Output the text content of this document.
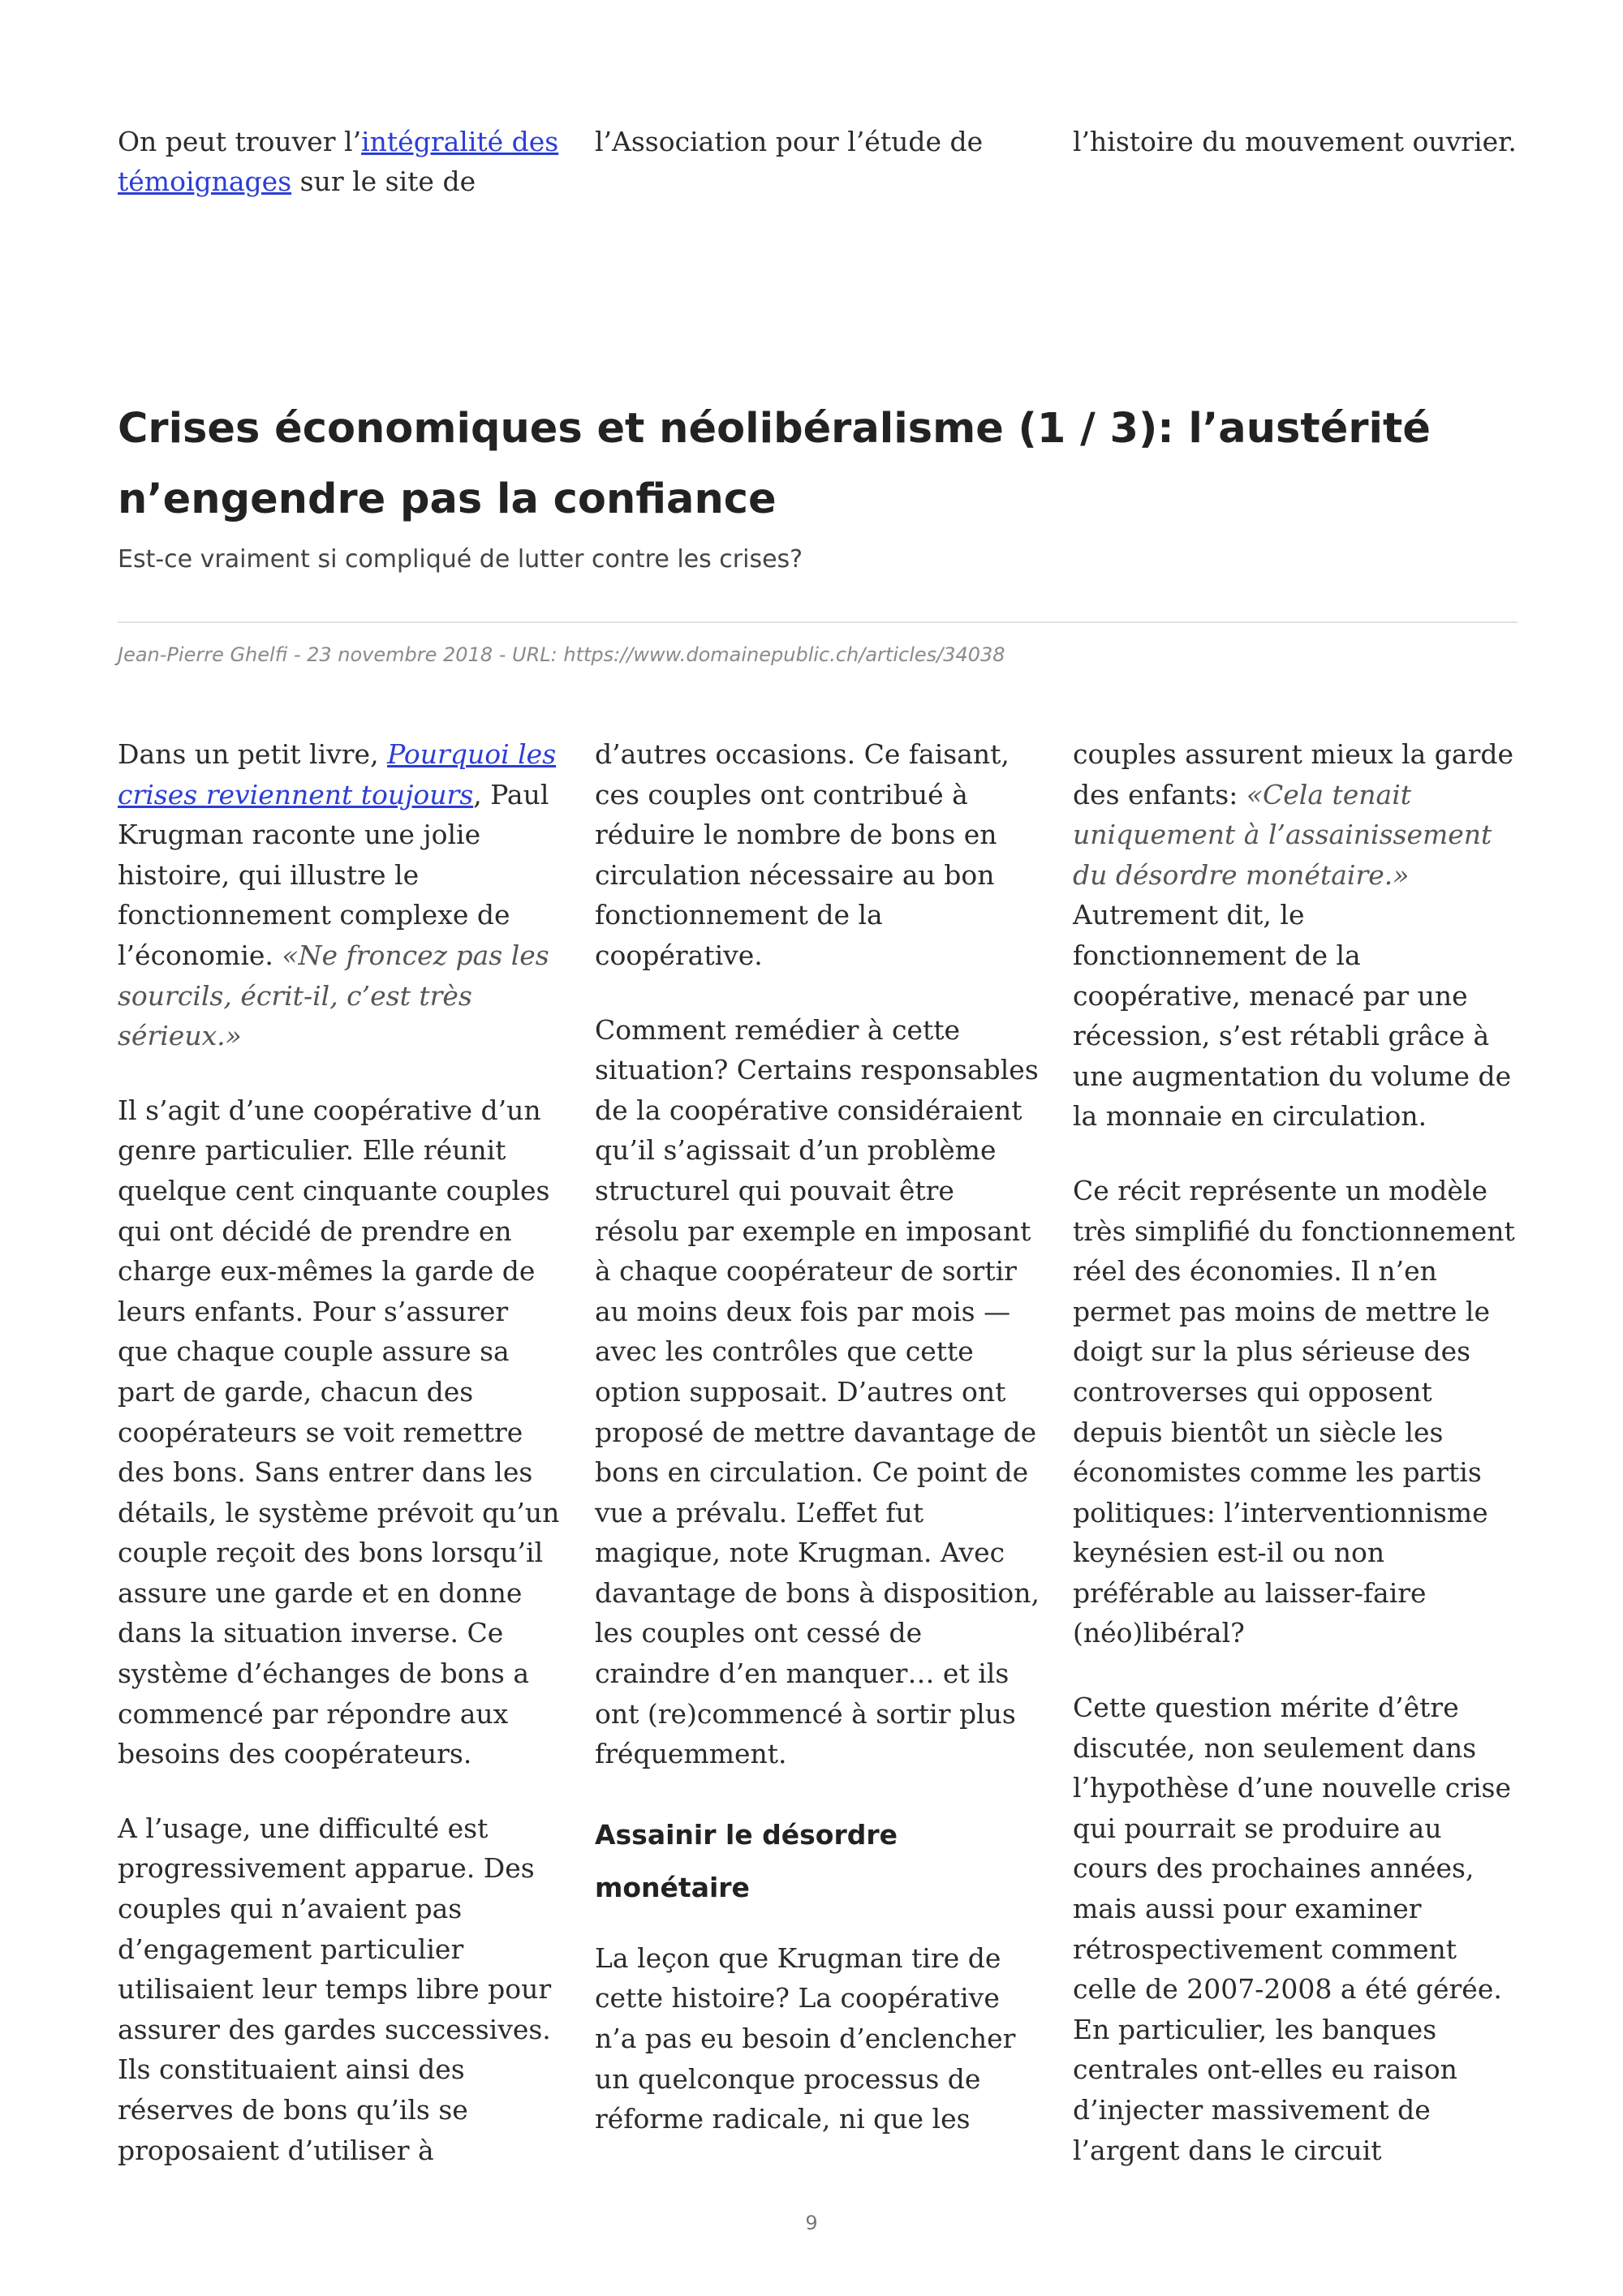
On peut trouver l’intégralité des témoignages sur le site de
l’Association pour l’étude de	l’histoire du mouvement ouvrier.
Crises économiques et néolibéralisme (1 / 3): l’austérité n’engendre pas la confiance

Est-ce vraiment si compliqué de lutter contre les crises?

Jean-Pierre Ghelfi - 23 novembre 2018 - URL: https://www.domainepublic.ch/articles/34038

Dans un petit livre, Pourquoi les crises reviennent toujours, Paul Krugman raconte une jolie histoire, qui illustre le fonctionnement complexe de l’économie. «Ne froncez pas les sourcils, écrit-il, c’est très sérieux.»

Il s’agit d’une coopérative d’un genre particulier. Elle réunit quelque cent cinquante couples qui ont décidé de prendre en charge eux-mêmes la garde de leurs enfants. Pour s’assurer que chaque couple assure sa part de garde, chacun des coopérateurs se voit remettre des bons. Sans entrer dans les détails, le système prévoit qu’un couple reçoit des bons lorsqu’il assure une garde et en donne dans la situation inverse. Ce système d’échanges de bons a commencé par répondre aux besoins des coopérateurs.

A l’usage, une difficulté est progressivement apparue. Des couples qui n’avaient pas d’engagement particulier utilisaient leur temps libre pour assurer des gardes successives. Ils constituaient ainsi des réserves de bons qu’ils se proposaient d’utiliser à

d’autres occasions. Ce faisant, ces couples ont contribué à réduire le nombre de bons en circulation nécessaire au bon fonctionnement de la coopérative.

Comment remédier à cette situation? Certains responsables de la coopérative considéraient qu’il s’agissait d’un problème structurel qui pouvait être résolu par exemple en imposant à chaque coopérateur de sortir au moins deux fois par mois — avec les contrôles que cette option supposait. D’autres ont proposé de mettre davantage de bons en circulation. Ce point de vue a prévalu. L’effet fut magique, note Krugman. Avec davantage de bons à disposition, les couples ont cessé de craindre d’en manquer… et ils ont (re)commencé à sortir plus fréquemment.

Assainir le désordre monétaire

La leçon que Krugman tire de cette histoire? La coopérative n’a pas eu besoin d’enclencher un quelconque processus de réforme radicale, ni que les

couples assurent mieux la garde des enfants: «Cela tenait uniquement à l’assainissement du désordre monétaire.» Autrement dit, le fonctionnement de la coopérative, menacé par une récession, s’est rétabli grâce à une augmentation du volume de la monnaie en circulation.

Ce récit représente un modèle très simplifié du fonctionnement réel des économies. Il n’en permet pas moins de mettre le doigt sur la plus sérieuse des controverses qui opposent depuis bientôt un siècle les économistes comme les partis politiques: l’interventionnisme keynésien est-il ou non préférable au laisser-faire (néo)libéral?

Cette question mérite d’être discutée, non seulement dans l’hypothèse d’une nouvelle crise qui pourrait se produire au cours des prochaines années, mais aussi pour examiner rétrospectivement comment celle de 2007-2008 a été gérée. En particulier, les banques centrales ont-elles eu raison d’injecter massivement de l’argent dans le circuit

9
